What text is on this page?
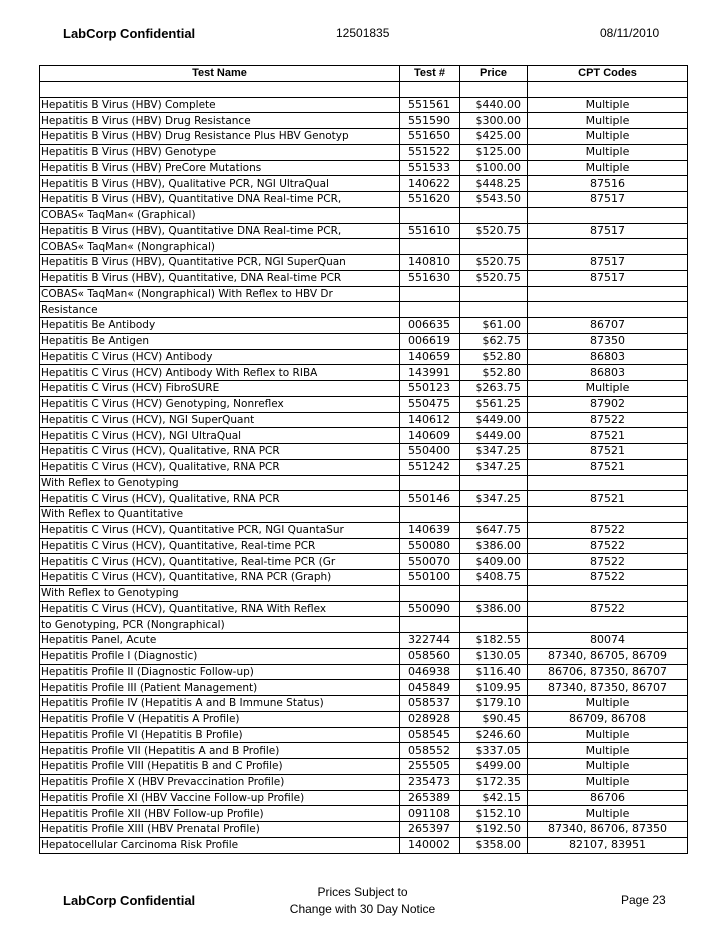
LabCorp Confidential	12501835	08/11/2010
Test Name	Test #	Price	CPT Codes

Hepatitis B Virus (HBV) Complete	551561	$440.00	Multiple
Hepatitis B Virus (HBV) Drug Resistance	551590	$300.00	Multiple
Hepatitis B Virus (HBV) Drug Resistance Plus HBV Genotyp	551650	$425.00	Multiple
Hepatitis B Virus (HBV) Genotype	551522	$125.00	Multiple
Hepatitis B Virus (HBV) PreCore Mutations	551533	$100.00	Multiple
Hepatitis B Virus (HBV), Qualitative PCR, NGI UltraQual	140622	$448.25	87516
Hepatitis B Virus (HBV), Quantitative DNA Real-time PCR,	551620	$543.50	87517
COBAS« TaqMan« (Graphical)			
Hepatitis B Virus (HBV), Quantitative DNA Real-time PCR,	551610	$520.75	87517
COBAS« TaqMan« (Nongraphical)			
Hepatitis B Virus (HBV), Quantitative PCR, NGI SuperQuan	140810	$520.75	87517
Hepatitis B Virus (HBV), Quantitative, DNA Real-time PCR	551630	$520.75	87517
COBAS« TaqMan« (Nongraphical) With Reflex to HBV Dr			
Resistance			
Hepatitis Be Antibody	006635	$61.00	86707
Hepatitis Be Antigen	006619	$62.75	87350
Hepatitis C Virus (HCV) Antibody	140659	$52.80	86803
Hepatitis C Virus (HCV) Antibody With Reflex to RIBA	143991	$52.80	86803
Hepatitis C Virus (HCV) FibroSURE	550123	$263.75	Multiple
Hepatitis C Virus (HCV) Genotyping, Nonreflex	550475	$561.25	87902
Hepatitis C Virus (HCV), NGI SuperQuant	140612	$449.00	87522
Hepatitis C Virus (HCV), NGI UltraQual	140609	$449.00	87521
Hepatitis C Virus (HCV), Qualitative, RNA PCR	550400	$347.25	87521
Hepatitis C Virus (HCV), Qualitative, RNA PCR	551242	$347.25	87521
With Reflex to Genotyping			
Hepatitis C Virus (HCV), Qualitative, RNA PCR	550146	$347.25	87521
With Reflex to Quantitative			
Hepatitis C Virus (HCV), Quantitative PCR, NGI QuantaSur	140639	$647.75	87522
Hepatitis C Virus (HCV), Quantitative, Real-time PCR	550080	$386.00	87522
Hepatitis C Virus (HCV), Quantitative, Real-time PCR (Gr	550070	$409.00	87522
Hepatitis C Virus (HCV), Quantitative, RNA PCR (Graph)	550100	$408.75	87522
With Reflex to Genotyping			
Hepatitis C Virus (HCV), Quantitative, RNA With Reflex	550090	$386.00	87522
to Genotyping, PCR (Nongraphical)			
Hepatitis Panel, Acute	322744	$182.55	80074
Hepatitis Profile I (Diagnostic)	058560	$130.05	87340, 86705, 86709
Hepatitis Profile II (Diagnostic Follow-up)	046938	$116.40	86706, 87350, 86707
Hepatitis Profile III (Patient Management)	045849	$109.95	87340, 87350, 86707
Hepatitis Profile IV (Hepatitis A and B Immune Status)	058537	$179.10	Multiple
Hepatitis Profile V (Hepatitis A Profile)	028928	$90.45	86709, 86708
Hepatitis Profile VI (Hepatitis B Profile)	058545	$246.60	Multiple
Hepatitis Profile VII (Hepatitis A and B Profile)	058552	$337.05	Multiple
Hepatitis Profile VIII (Hepatitis B and C Profile)	255505	$499.00	Multiple
Hepatitis Profile X (HBV Prevaccination Profile)	235473	$172.35	Multiple
Hepatitis Profile XI (HBV Vaccine Follow-up Profile)	265389	$42.15	86706
Hepatitis Profile XII (HBV Follow-up Profile)	091108	$152.10	Multiple
Hepatitis Profile XIII (HBV Prenatal Profile)	265397	$192.50	87340, 86706, 87350
Hepatocellular Carcinoma Risk Profile	140002	$358.00	82107, 83951
LabCorp Confidential
Prices Subject to
Change with 30 Day Notice
Page 23
